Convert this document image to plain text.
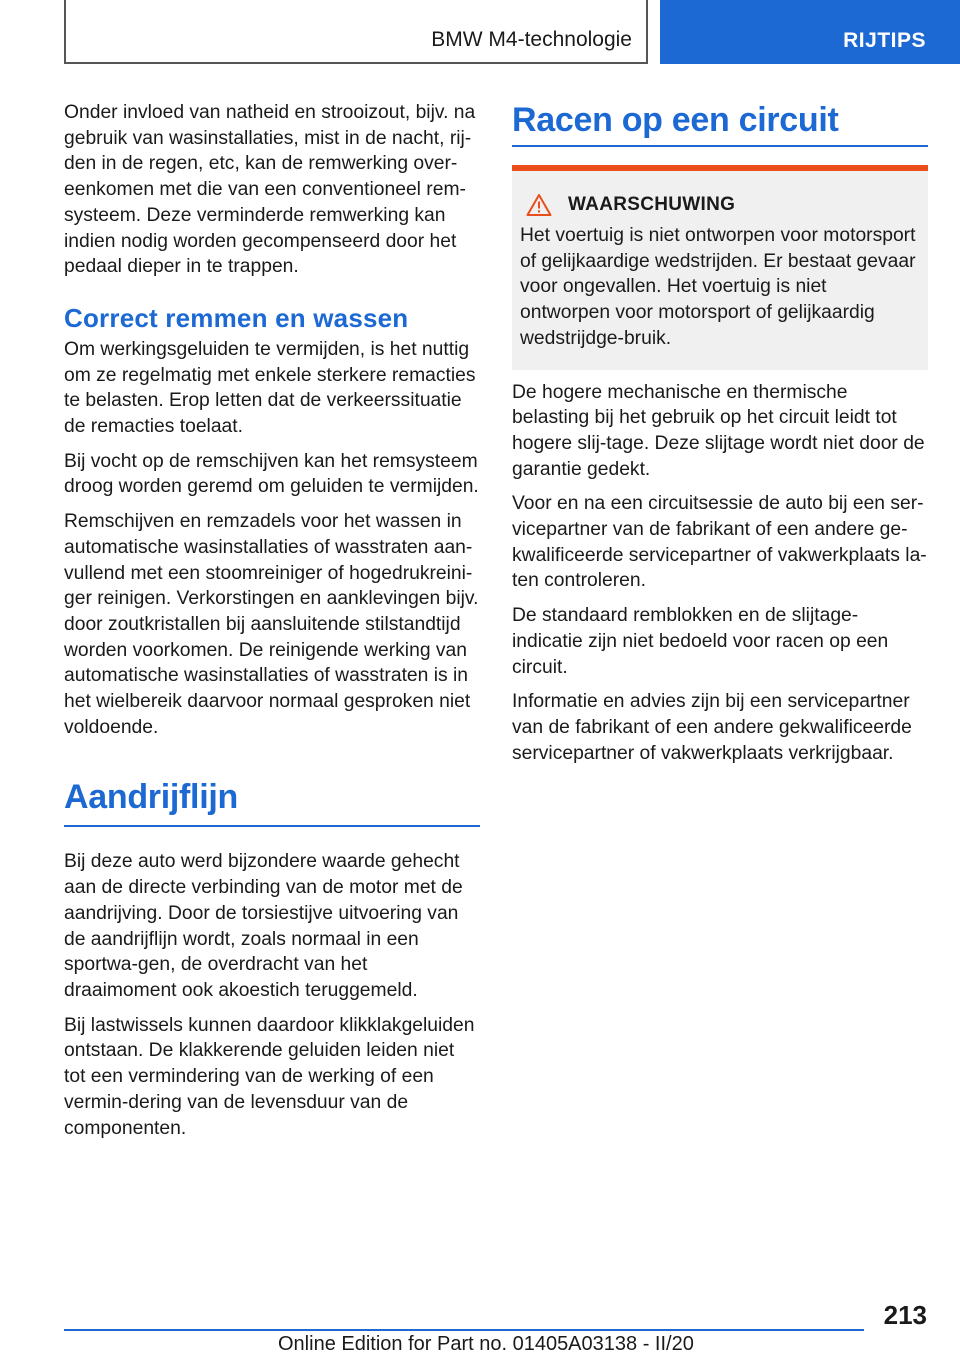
BMW M4-technologie	RIJTIPS

Onder invloed van natheid en strooizout, bijv. na gebruik van wasinstallaties, mist in de nacht, rij-den in de regen, etc, kan de remwerking over-eenkomen met die van een conventioneel rem-systeem. Deze verminderde remwerking kan indien nodig worden gecompenseerd door het pedaal dieper in te trappen.

Correct remmen en wassen

Om werkingsgeluiden te vermijden, is het nuttig om ze regelmatig met enkele sterkere remacties te belasten. Erop letten dat de verkeerssituatie de remacties toelaat.

Bij vocht op de remschijven kan het remsysteem droog worden geremd om geluiden te vermijden.

Remschijven en remzadels voor het wassen in automatische wasinstallaties of wasstraten aan-vullend met een stoomreiniger of hogedrukreini-ger reinigen. Verkorstingen en aanklevingen bijv. door zoutkristallen bij aansluitende stilstandtijd worden voorkomen. De reinigende werking van automatische wasinstallaties of wasstraten is in het wielbereik daarvoor normaal gesproken niet voldoende.

Aandrijflijn

Bij deze auto werd bijzondere waarde gehecht aan de directe verbinding van de motor met de aandrijving. Door de torsiestijve uitvoering van de aandrijflijn wordt, zoals normaal in een sportwa-gen, de overdracht van het draaimoment ook akoestich teruggemeld.

Bij lastwissels kunnen daardoor klikklakgeluiden ontstaan. De klakkerende geluiden leiden niet tot een vermindering van de werking of een vermin-dering van de levensduur van de componenten.

Racen op een circuit
WAARSCHUWING

Het voertuig is niet ontworpen voor motorsport of gelijkaardige wedstrijden. Er bestaat gevaar voor ongevallen. Het voertuig is niet ontworpen voor motorsport of gelijkaardig wedstrijdge-bruik.

De hogere mechanische en thermische belasting bij het gebruik op het circuit leidt tot hogere slij-tage. Deze slijtage wordt niet door de garantie gedekt.

Voor en na een circuitsessie de auto bij een ser-vicepartner van de fabrikant of een andere ge-kwalificeerde servicepartner of vakwerkplaats la-ten controleren.

De standaard remblokken en de slijtage-indicatie zijn niet bedoeld voor racen op een circuit.

Informatie en advies zijn bij een servicepartner van de fabrikant of een andere gekwalificeerde servicepartner of vakwerkplaats verkrijgbaar.

213
Online Edition for Part no. 01405A03138 - II/20
